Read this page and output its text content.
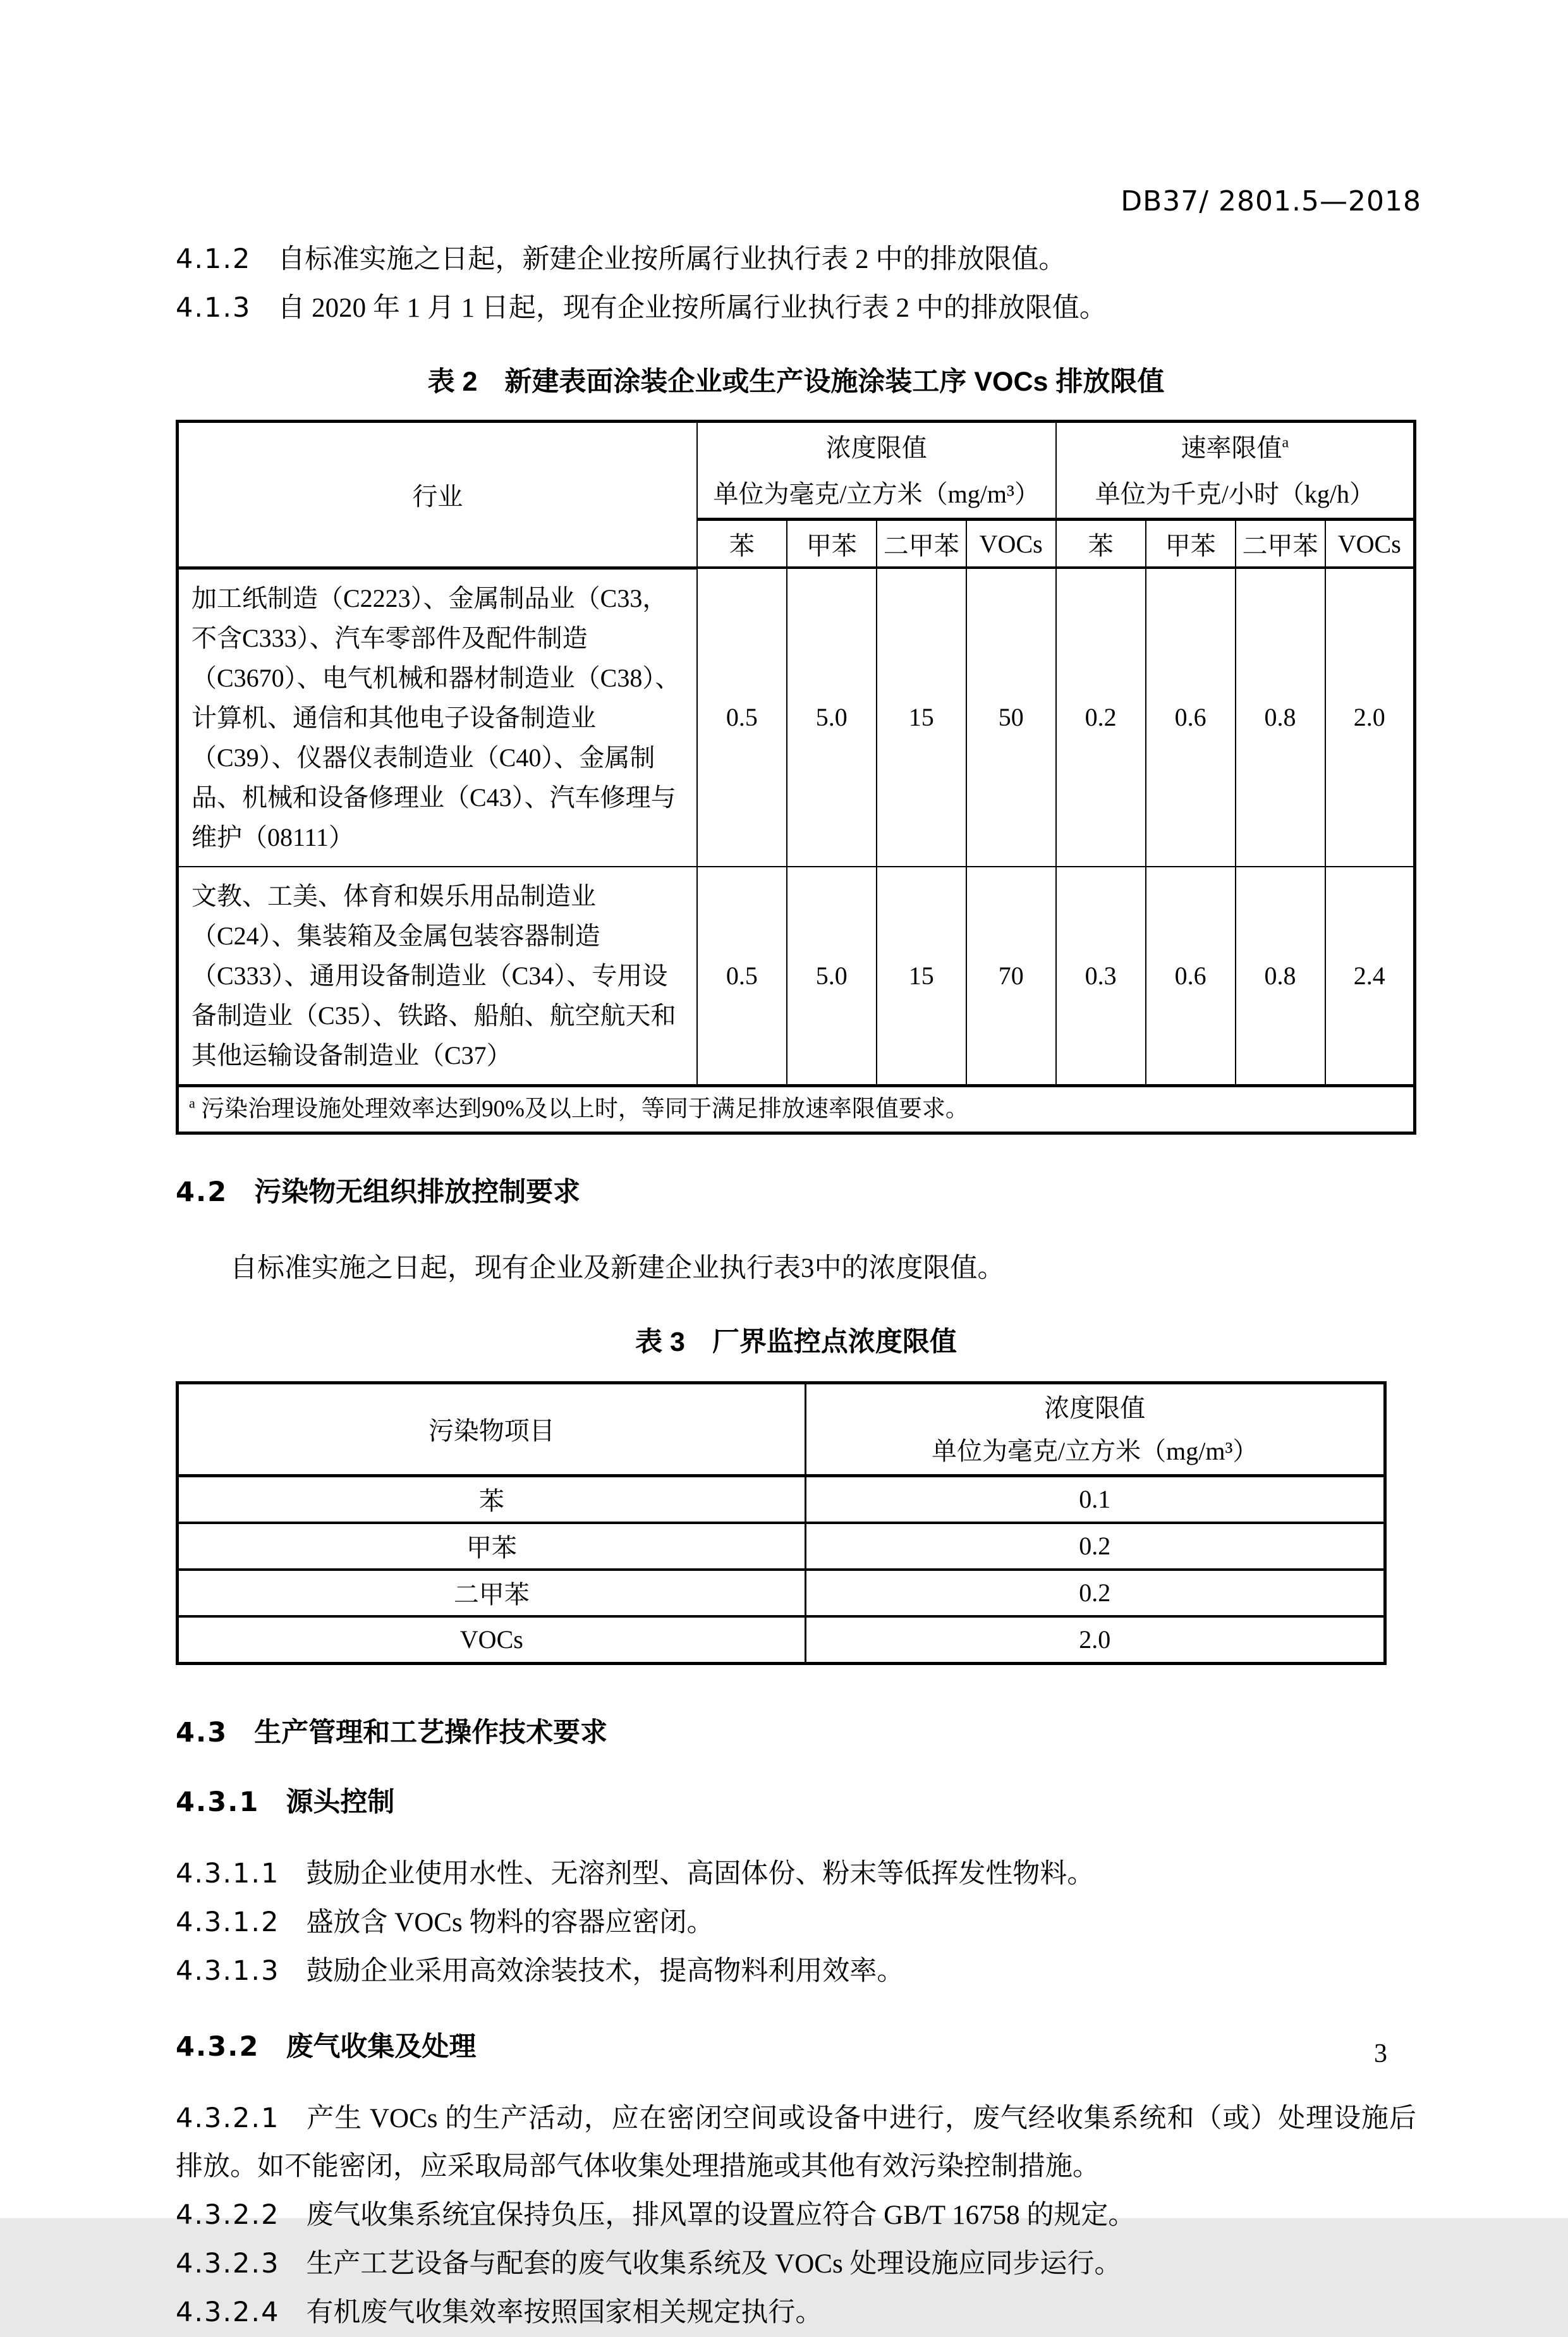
DB37/ 2801.5—2018

4.1.2 自标准实施之日起，新建企业按所属行业执行表 2 中的排放限值。

4.1.3 自 2020 年 1 月 1 日起，现有企业按所属行业执行表 2 中的排放限值。

表 2　新建表面涂装企业或生产设施涂装工序 VOCs 排放限值

行业	
浓度限值
单位为毫克/立方米（mg/m³）

速率限值$^a$
单位为千克/小时（kg/h）

	苯	甲苯	二甲苯	VOCs	苯	甲苯	二甲苯	VOCs
加工纸制造（C2223）、金属制品业（C33，不含C333）、汽车零部件及配件制造（C3670）、电气机械和器材制造业（C38）、计算机、通信和其他电子设备制造业（C39）、仪器仪表制造业（C40）、金属制品、机械和设备修理业（C43）、汽车修理与维护（08111）	0.5	5.0	15	50	0.2	0.6	0.8	2.0
文教、工美、体育和娱乐用品制造业（C24）、集装箱及金属包装容器制造（C333）、通用设备制造业（C34）、专用设备制造业（C35）、铁路、船舶、航空航天和其他运输设备制造业（C37）	0.5	5.0	15	70	0.3	0.6	0.8	2.4
$^a$ 污染治理设施处理效率达到90%及以上时，等同于满足排放速率限值要求。								

4.2 污染物无组织排放控制要求

自标准实施之日起，现有企业及新建企业执行表3中的浓度限值。

表 3　厂界监控点浓度限值

污染物项目	浓度限值
单位为毫克/立方米（mg/m³）

苯	0.1
甲苯	0.2
二甲苯	0.2
VOCs	2.0

4.3 生产管理和工艺操作技术要求

4.3.1 源头控制

4.3.1.1 鼓励企业使用水性、无溶剂型、高固体份、粉末等低挥发性物料。

4.3.1.2 盛放含 VOCs 物料的容器应密闭。

4.3.1.3 鼓励企业采用高效涂装技术，提高物料利用效率。

4.3.2 废气收集及处理

4.3.2.1 产生 VOCs 的生产活动，应在密闭空间或设备中进行，废气经收集系统和（或）处理设施后排放。如不能密闭，应采取局部气体收集处理措施或其他有效污染控制措施。

4.3.2.2 废气收集系统宜保持负压，排风罩的设置应符合 GB/T 16758 的规定。

4.3.2.3 生产工艺设备与配套的废气收集系统及 VOCs 处理设施应同步运行。

4.3.2.4 有机废气收集效率按照国家相关规定执行。

3
